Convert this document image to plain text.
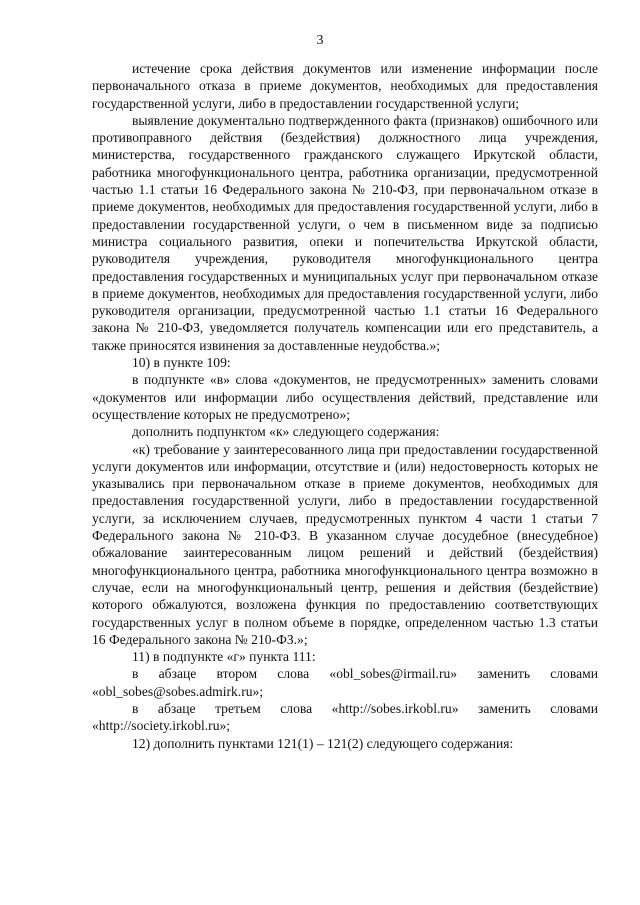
3

истечение срока действия документов или изменение информации после первоначального отказа в приеме документов, необходимых для предоставления государственной услуги, либо в предоставлении государственной услуги;

выявление документально подтвержденного факта (признаков) ошибочного или противоправного действия (бездействия) должностного лица учреждения, министерства, государственного гражданского служащего Иркутской области, работника многофункционального центра, работника организации, предусмотренной частью 1.1 статьи 16 Федерального закона № 210-ФЗ, при первоначальном отказе в приеме документов, необходимых для предоставления государственной услуги, либо в предоставлении государственной услуги, о чем в письменном виде за подписью министра социального развития, опеки и попечительства Иркутской области, руководителя учреждения, руководителя многофункционального центра предоставления государственных и муниципальных услуг при первоначальном отказе в приеме документов, необходимых для предоставления государственной услуги, либо руководителя организации, предусмотренной частью 1.1 статьи 16 Федерального закона № 210-ФЗ, уведомляется получатель компенсации или его представитель, а также приносятся извинения за доставленные неудобства.»;

10) в пункте 109:

в подпункте «в» слова «документов, не предусмотренных» заменить словами «документов или информации либо осуществления действий, представление или осуществление которых не предусмотрено»;

дополнить подпунктом «к» следующего содержания:

«к) требование у заинтересованного лица при предоставлении государственной услуги документов или информации, отсутствие и (или) недостоверность которых не указывались при первоначальном отказе в приеме документов, необходимых для предоставления государственной услуги, либо в предоставлении государственной услуги, за исключением случаев, предусмотренных пунктом 4 части 1 статьи 7 Федерального закона № 210-ФЗ. В указанном случае досудебное (внесудебное) обжалование заинтересованным лицом решений и действий (бездействия) многофункционального центра, работника многофункционального центра возможно в случае, если на многофункциональный центр, решения и действия (бездействие) которого обжалуются, возложена функция по предоставлению соответствующих государственных услуг в полном объеме в порядке, определенном частью 1.3 статьи 16 Федерального закона № 210-ФЗ.»;

11) в подпункте «г» пункта 111:

в абзаце втором слова «obl_sobes@irmail.ru» заменить словами «obl_sobes@sobes.admirk.ru»;

в абзаце третьем слова «http://sobes.irkobl.ru» заменить словами «http://society.irkobl.ru»;

12) дополнить пунктами 121(1) – 121(2) следующего содержания:
